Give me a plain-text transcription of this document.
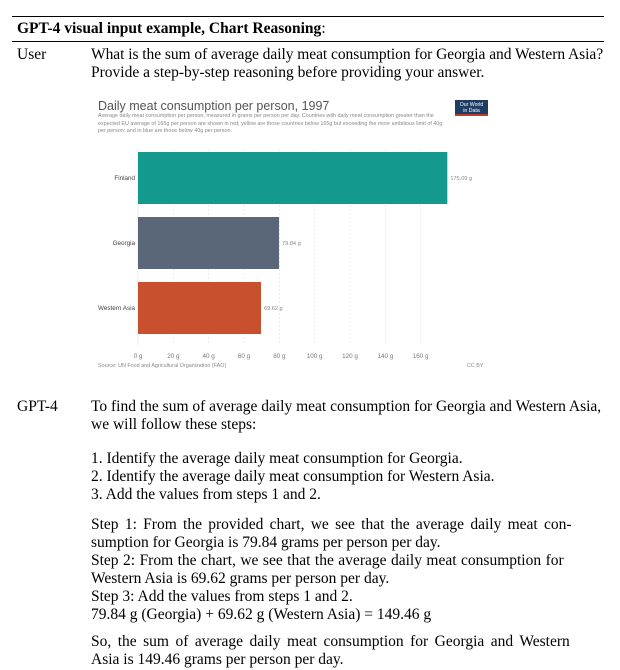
GPT-4 visual input example, Chart Reasoning:
User	What is the sum of average daily meat consumption for Georgia and Western Asia?
Provide a step-by-step reasoning before providing your answer.
Daily meat consumption per person, 1997
Average daily meat consumption per person, measured in grams per person per day. Countries with daily meat consumption greater than the expected EU average of 165g per person are shown in red; yellow are those countries below 165g but exceeding the more ambitious limit of 40g per person; and in blue are those below 40g per person.
Our World
in Data
0 g	20 g	40 g	60 g	80 g	100 g	120 g	140 g	160 g
Finland	175.09 g
Georgia	79.84 g
Western Asia	69.62 g
Source: UN Food and Agricultural Organization (FAO)	CC BY
GPT-4 To find the sum of average daily meat consumption for Georgia and Western Asia,
we will follow these steps:
1. Identify the average daily meat consumption for Georgia.
2. Identify the average daily meat consumption for Western Asia.
3. Add the values from steps 1 and 2.
Step 1: From the provided chart, we see that the average daily meat con-
sumption for Georgia is 79.84 grams per person per day.
Step 2: From the chart, we see that the average daily meat consumption for
Western Asia is 69.62 grams per person per day.
Step 3: Add the values from steps 1 and 2.
79.84 g (Georgia) + 69.62 g (Western Asia) = 149.46 g
So, the sum of average daily meat consumption for Georgia and Western
Asia is 149.46 grams per person per day.
